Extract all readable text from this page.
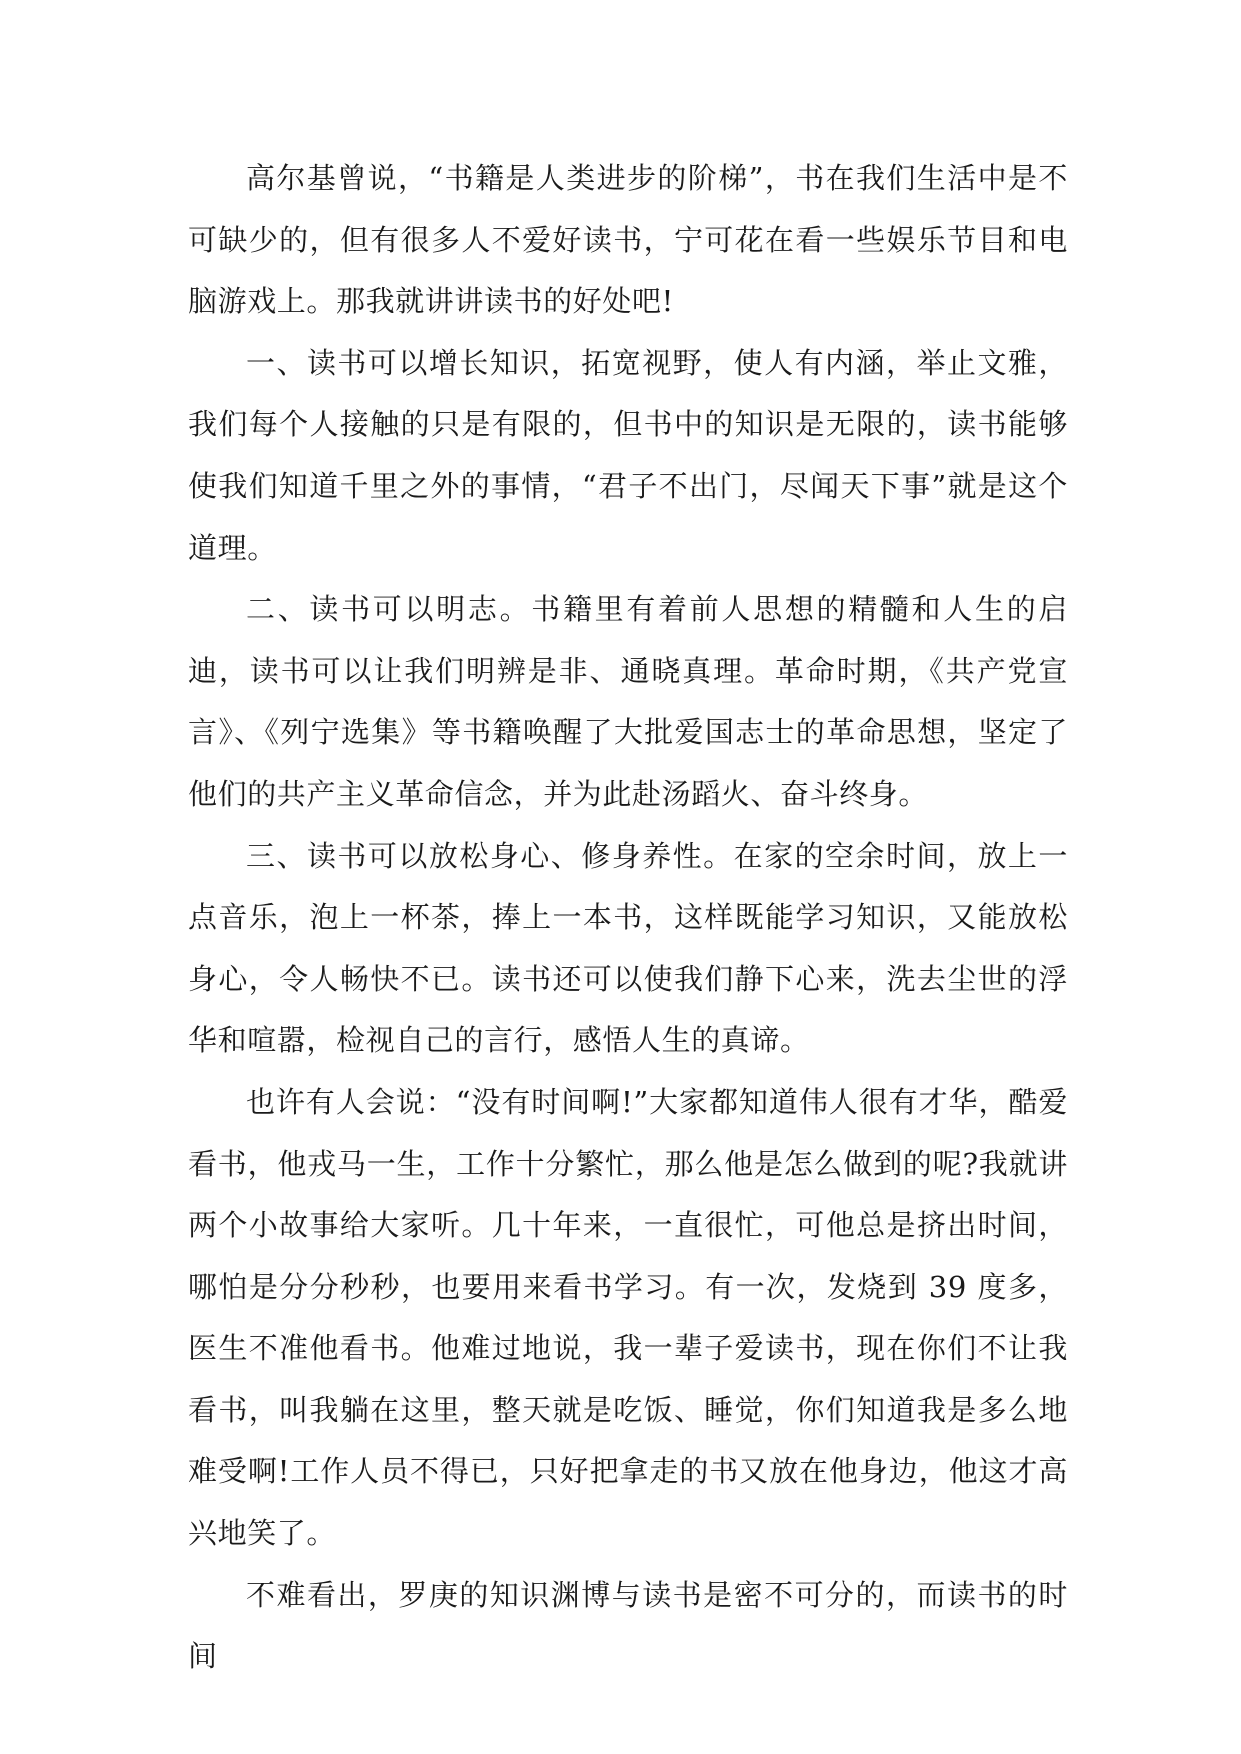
高尔基曾说，“书籍是人类进步的阶梯”，书在我们生活中是不可缺少的，但有很多人不爱好读书，宁可花在看一些娱乐节目和电脑游戏上。那我就讲讲读书的好处吧!

一、读书可以增长知识，拓宽视野，使人有内涵，举止文雅，我们每个人接触的只是有限的，但书中的知识是无限的，读书能够使我们知道千里之外的事情，“君子不出门，尽闻天下事”就是这个道理。

二、读书可以明志。书籍里有着前人思想的精髓和人生的启迪，读书可以让我们明辨是非、通晓真理。革命时期，《共产党宣言》、《列宁选集》等书籍唤醒了大批爱国志士的革命思想，坚定了他们的共产主义革命信念，并为此赴汤蹈火、奋斗终身。

三、读书可以放松身心、修身养性。在家的空余时间，放上一点音乐，泡上一杯茶，捧上一本书，这样既能学习知识，又能放松身心，令人畅快不已。读书还可以使我们静下心来，洗去尘世的浮华和喧嚣，检视自己的言行，感悟人生的真谛。

也许有人会说：“没有时间啊!”大家都知道伟人很有才华，酷爱看书，他戎马一生，工作十分繁忙，那么他是怎么做到的呢?我就讲两个小故事给大家听。几十年来，一直很忙，可他总是挤出时间，哪怕是分分秒秒，也要用来看书学习。有一次，发烧到 39 度多，医生不准他看书。他难过地说，我一辈子爱读书，现在你们不让我看书，叫我躺在这里，整天就是吃饭、睡觉，你们知道我是多么地难受啊!工作人员不得已，只好把拿走的书又放在他身边，他这才高兴地笑了。

不难看出，罗庚的知识渊博与读书是密不可分的，而读书的时间
